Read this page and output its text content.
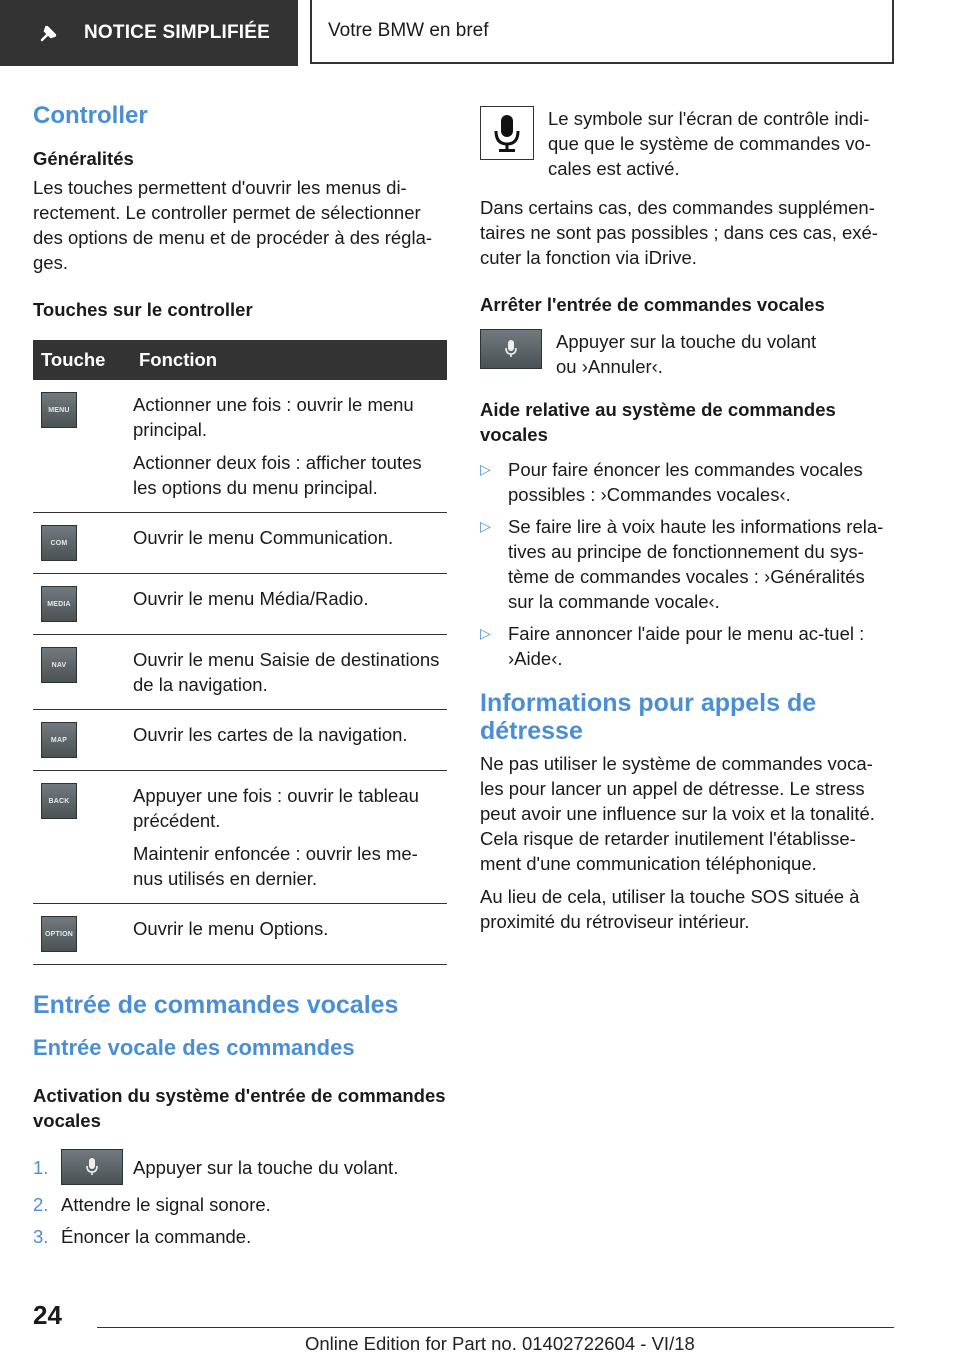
NOTICE SIMPLIFIÉE	Votre BMW en bref
Controller
Généralités

Les touches permettent d'ouvrir les menus di-rectement. Le controller permet de sélectionner des options de menu et de procéder à des régla-ges.

Touches sur le controller
Touche	Fonction

MENU	Actionner une fois : ouvrir le menu principal.

Actionner deux fois : afficher toutes les options du menu principal.

COM	Ouvrir le menu Communication.

MEDIA	Ouvrir le menu Média/Radio.

NAV	Ouvrir le menu Saisie de destinations de la navigation.

MAP	Ouvrir les cartes de la navigation.

BACK	Appuyer une fois : ouvrir le tableau précédent.

Maintenir enfoncée : ouvrir les me-nus utilisés en dernier.

OPTION	Ouvrir le menu Options.

Entrée de commandes vocales
Entrée vocale des commandes
Activation du système d'entrée de commandes vocales
1.	Appuyer sur la touche du volant.
2. Attendre le signal sonore.
3. Énoncer la commande.

Le symbole sur l'écran de contrôle indi-que que le système de commandes vo-cales est activé.

Dans certains cas, des commandes supplémen-taires ne sont pas possibles ; dans ces cas, exé-cuter la fonction via iDrive.

Arrêter l'entrée de commandes vocales

Appuyer sur la touche du volant ou ›Annuler‹.

Aide relative au système de commandes vocales
▷ Pour faire énoncer les commandes vocales possibles : ›Commandes vocales‹.
▷ Se faire lire à voix haute les informations rela-tives au principe de fonctionnement du sys-tème de commandes vocales : ›Généralités sur la commande vocale‹.
▷ Faire annoncer l'aide pour le menu ac-tuel : ›Aide‹.
Informations pour appels de détresse

Ne pas utiliser le système de commandes voca-les pour lancer un appel de détresse. Le stress peut avoir une influence sur la voix et la tonalité. Cela risque de retarder inutilement l'établisse-ment d'une communication téléphonique.

Au lieu de cela, utiliser la touche SOS située à proximité du rétroviseur intérieur.

24
Online Edition for Part no. 01402722604 - VI/18
